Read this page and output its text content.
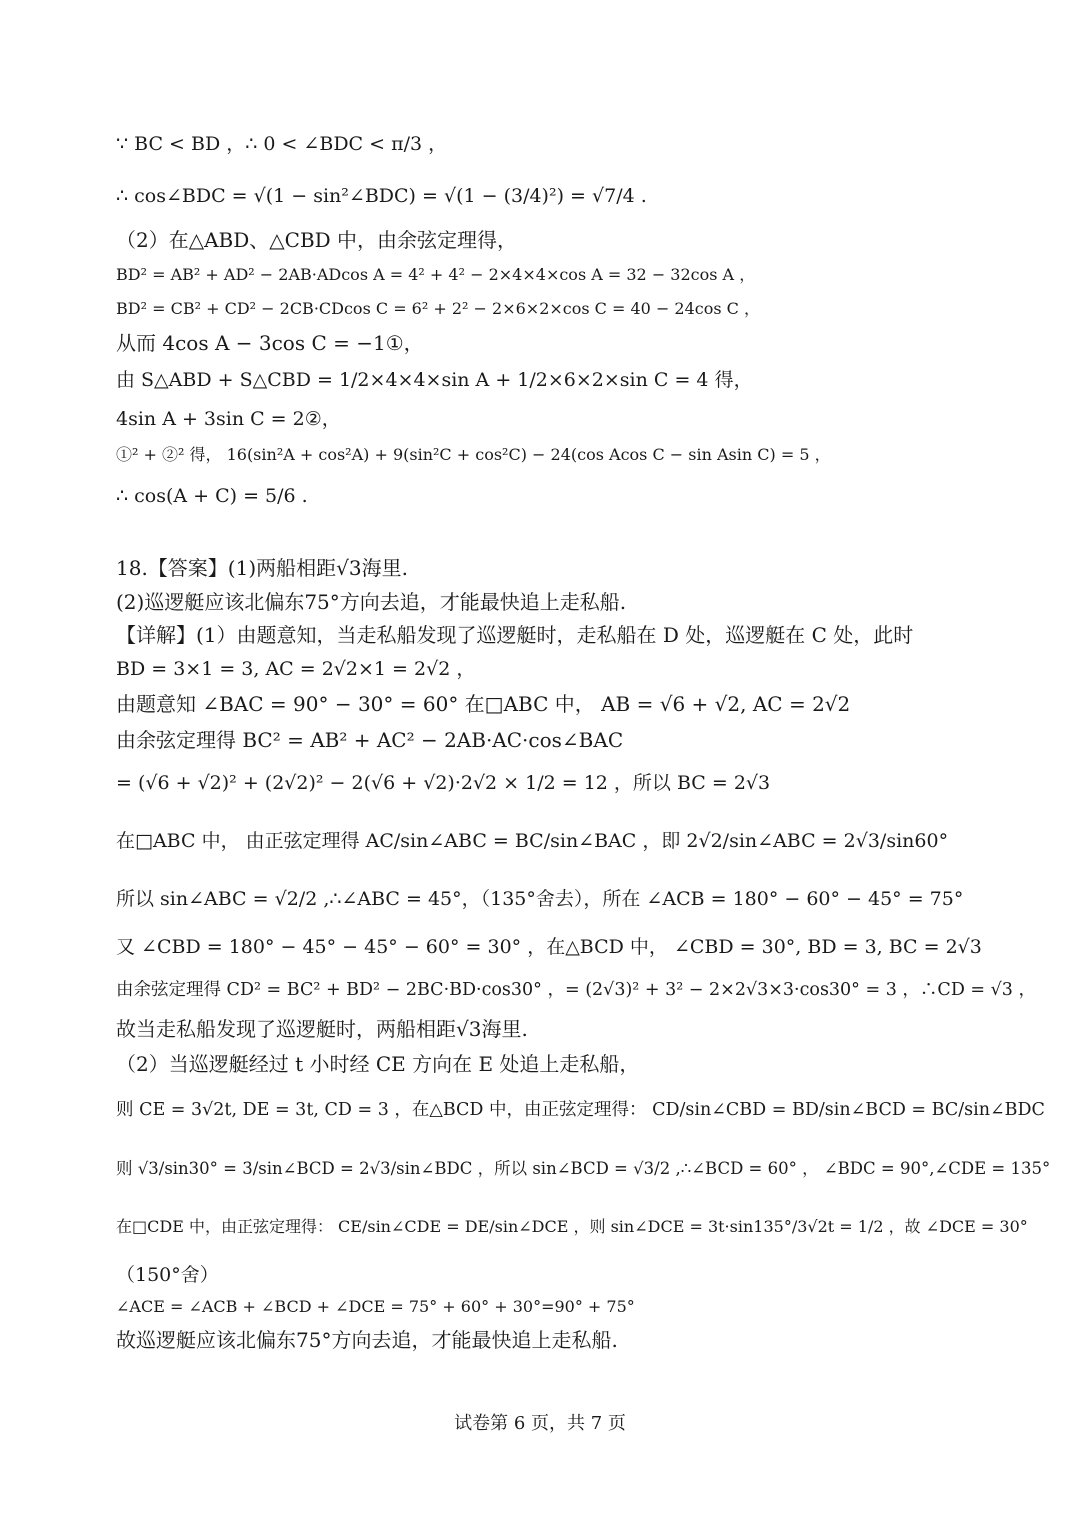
∵ BC < BD ，∴ 0 < ∠BDC < π/3 ，
∴ cos∠BDC = √(1 − sin²∠BDC) = √(1 − (3/4)²) = √7/4 .
（2）在△ABD、△CBD 中，由余弦定理得，
BD² = AB² + AD² − 2AB·ADcos A = 4² + 4² − 2×4×4×cos A = 32 − 32cos A ，
BD² = CB² + CD² − 2CB·CDcos C = 6² + 2² − 2×6×2×cos C = 40 − 24cos C ，
从而 4cos A − 3cos C = −1①，
由 S△ABD + S△CBD = 1/2×4×4×sin A + 1/2×6×2×sin C = 4 得，
4sin A + 3sin C = 2②，
①² + ②² 得， 16(sin²A + cos²A) + 9(sin²C + cos²C) − 24(cos Acos C − sin Asin C) = 5 ，
∴ cos(A + C) = 5/6 .
18.【答案】(1)两船相距√3海里.
(2)巡逻艇应该北偏东75°方向去追，才能最快追上走私船.
【详解】(1）由题意知，当走私船发现了巡逻艇时，走私船在 D 处，巡逻艇在 C 处，此时
BD = 3×1 = 3, AC = 2√2×1 = 2√2 ，
由题意知 ∠BAC = 90° − 30° = 60° 在□ABC 中， AB = √6 + √2, AC = 2√2
由余弦定理得 BC² = AB² + AC² − 2AB·AC·cos∠BAC
= (√6 + √2)² + (2√2)² − 2(√6 + √2)·2√2 × 1/2 = 12 ，所以 BC = 2√3
在□ABC 中， 由正弦定理得 AC/sin∠ABC = BC/sin∠BAC ，即 2√2/sin∠ABC = 2√3/sin60°
所以 sin∠ABC = √2/2 ,∴∠ABC = 45°，（135°舍去），所在 ∠ACB = 180° − 60° − 45° = 75°
又 ∠CBD = 180° − 45° − 45° − 60° = 30° ，在△BCD 中， ∠CBD = 30°, BD = 3, BC = 2√3
由余弦定理得 CD² = BC² + BD² − 2BC·BD·cos30° ，= (2√3)² + 3² − 2×2√3×3·cos30° = 3 ，∴CD = √3 ，
故当走私船发现了巡逻艇时，两船相距√3海里.
（2）当巡逻艇经过 t 小时经 CE 方向在 E 处追上走私船，
则 CE = 3√2t, DE = 3t, CD = 3 ，在△BCD 中，由正弦定理得： CD/sin∠CBD = BD/sin∠BCD = BC/sin∠BDC
则 √3/sin30° = 3/sin∠BCD = 2√3/sin∠BDC ，所以 sin∠BCD = √3/2 ,∴∠BCD = 60° ， ∠BDC = 90°,∠CDE = 135°
在□CDE 中，由正弦定理得： CE/sin∠CDE = DE/sin∠DCE ，则 sin∠DCE = 3t·sin135°/3√2t = 1/2 ，故 ∠DCE = 30°
（150°舍）
∠ACE = ∠ACB + ∠BCD + ∠DCE = 75° + 60° + 30°=90° + 75°
故巡逻艇应该北偏东75°方向去追，才能最快追上走私船.
试卷第 6 页，共 7 页
